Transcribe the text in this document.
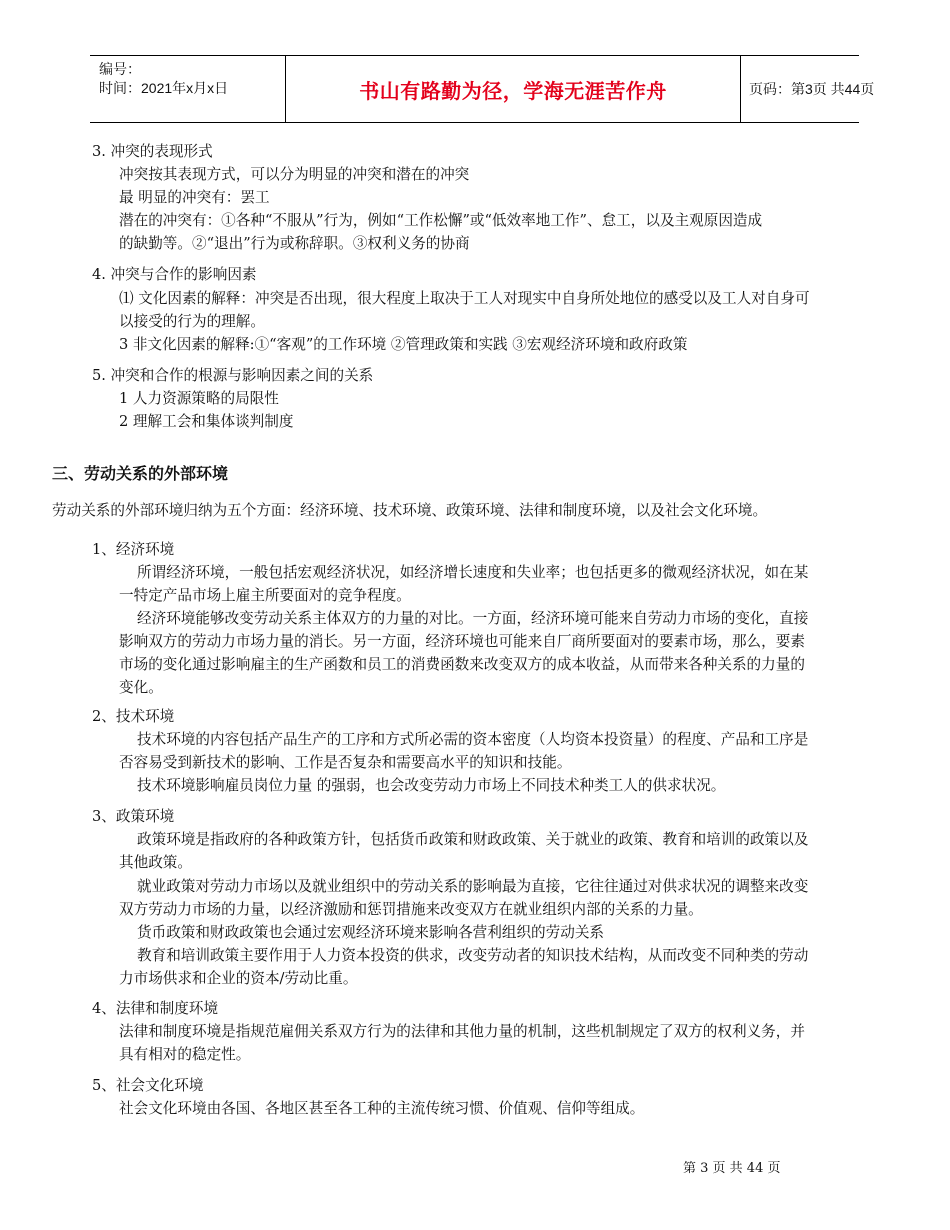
编号：
时间：2021年x月x日	书山有路勤为径，学海无涯苦作舟	页码：第3页 共44页
3. 冲突的表现形式
冲突按其表现方式，可以分为明显的冲突和潜在的冲突
最 明显的冲突有：罢工
潜在的冲突有：①各种“不服从”行为，例如“工作松懈”或“低效率地工作”、怠工，以及主观原因造成
的缺勤等。②“退出”行为或称辞职。③权利义务的协商
4. 冲突与合作的影响因素
⑴ 文化因素的解释：冲突是否出现，很大程度上取决于工人对现实中自身所处地位的感受以及工人对自身可
以接受的行为的理解。
3 非文化因素的解释:①“客观”的工作环境 ②管理政策和实践 ③宏观经济环境和政府政策
5. 冲突和合作的根源与影响因素之间的关系
1 人力资源策略的局限性
2 理解工会和集体谈判制度
三、劳动关系的外部环境
劳动关系的外部环境归纳为五个方面：经济环境、技术环境、政策环境、法律和制度环境，以及社会文化环境。
1、经济环境
所谓经济环境，一般包括宏观经济状况，如经济增长速度和失业率；也包括更多的微观经济状况，如在某
一特定产品市场上雇主所要面对的竞争程度。
经济环境能够改变劳动关系主体双方的力量的对比。一方面，经济环境可能来自劳动力市场的变化，直接
影响双方的劳动力市场力量的消长。另一方面，经济环境也可能来自厂商所要面对的要素市场，那么，要素
市场的变化通过影响雇主的生产函数和员工的消费函数来改变双方的成本收益，从而带来各种关系的力量的
变化。
2、技术环境
技术环境的内容包括产品生产的工序和方式所必需的资本密度（人均资本投资量）的程度、产品和工序是
否容易受到新技术的影响、工作是否复杂和需要高水平的知识和技能。
技术环境影响雇员岗位力量 的强弱，也会改变劳动力市场上不同技术种类工人的供求状况。
3、政策环境
政策环境是指政府的各种政策方针，包括货币政策和财政政策、关于就业的政策、教育和培训的政策以及
其他政策。
就业政策对劳动力市场以及就业组织中的劳动关系的影响最为直接，它往往通过对供求状况的调整来改变
双方劳动力市场的力量，以经济激励和惩罚措施来改变双方在就业组织内部的关系的力量。
货币政策和财政政策也会通过宏观经济环境来影响各营利组织的劳动关系
教育和培训政策主要作用于人力资本投资的供求，改变劳动者的知识技术结构，从而改变不同种类的劳动
力市场供求和企业的资本/劳动比重。
4、法律和制度环境
法律和制度环境是指规范雇佣关系双方行为的法律和其他力量的机制，这些机制规定了双方的权利义务，并
具有相对的稳定性。
5、社会文化环境
社会文化环境由各国、各地区甚至各工种的主流传统习惯、价值观、信仰等组成。
第 3 页 共 44 页
